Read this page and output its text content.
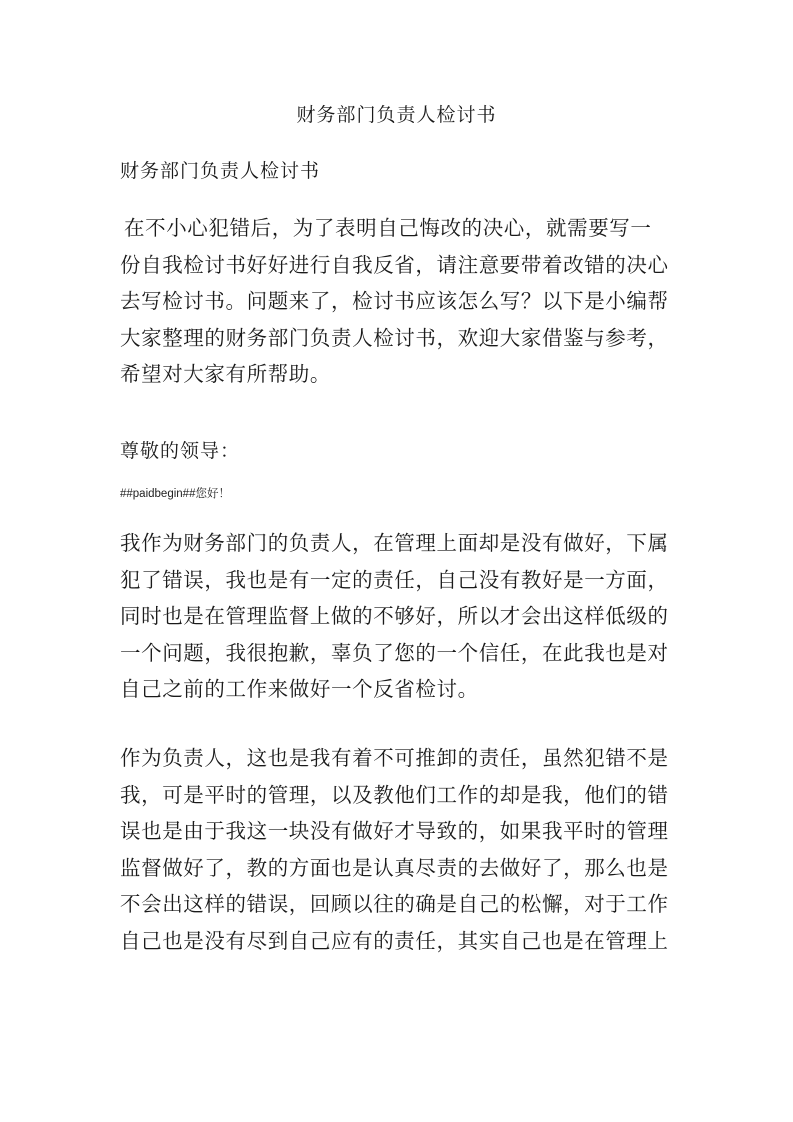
财务部门负责人检讨书
财务部门负责人检讨书
在不小心犯错后，为了表明自己悔改的决心，就需要写一
份自我检讨书好好进行自我反省，请注意要带着改错的决心
去写检讨书。问题来了，检讨书应该怎么写？以下是小编帮
大家整理的财务部门负责人检讨书，欢迎大家借鉴与参考，
希望对大家有所帮助。
尊敬的领导：
##paidbegin##您好！
我作为财务部门的负责人，在管理上面却是没有做好，下属
犯了错误，我也是有一定的责任，自己没有教好是一方面，
同时也是在管理监督上做的不够好，所以才会出这样低级的
一个问题，我很抱歉，辜负了您的一个信任，在此我也是对
自己之前的工作来做好一个反省检讨。
作为负责人，这也是我有着不可推卸的责任，虽然犯错不是
我，可是平时的管理，以及教他们工作的却是我，他们的错
误也是由于我这一块没有做好才导致的，如果我平时的管理
监督做好了，教的方面也是认真尽责的去做好了，那么也是
不会出这样的错误，回顾以往的确是自己的松懈，对于工作
自己也是没有尽到自己应有的责任，其实自己也是在管理上
